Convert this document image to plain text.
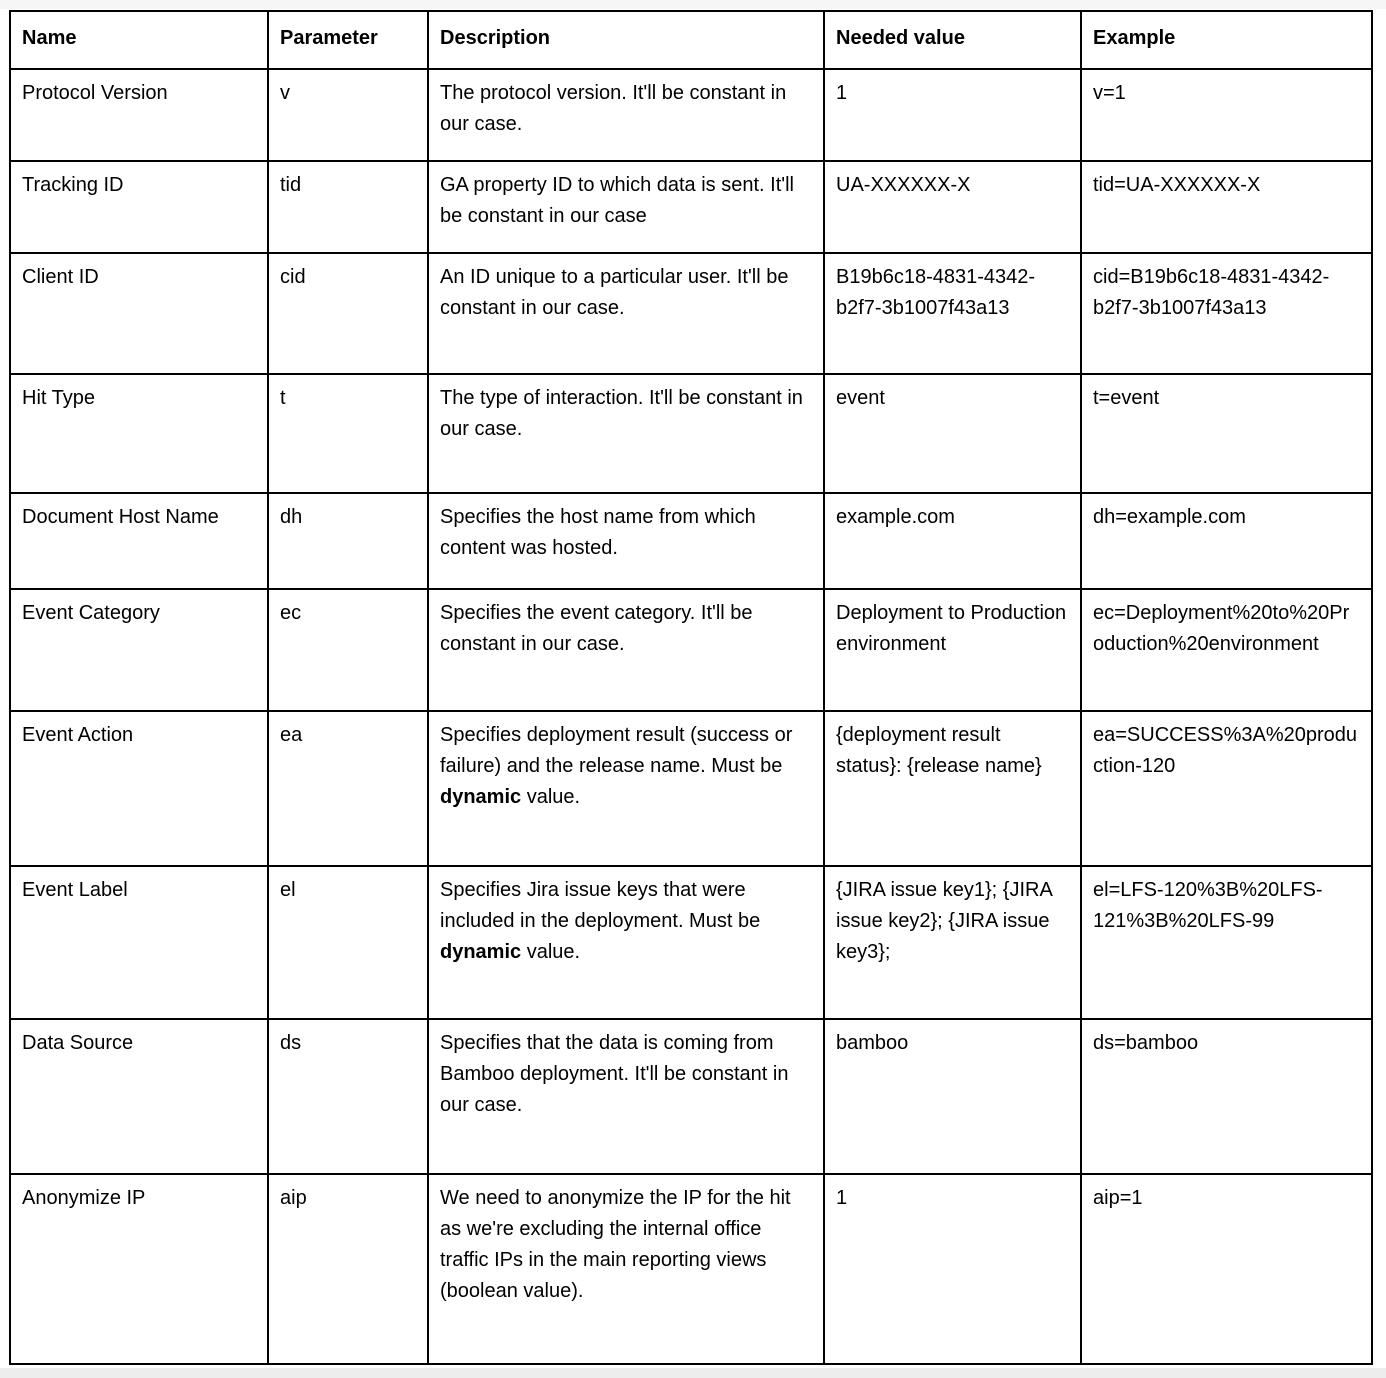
Name	Parameter	Description	Needed value	Example
Protocol Version	v	The protocol version. It'll be constant in our case.	1	v=1
Tracking ID	tid	GA property ID to which data is sent. It'll be constant in our case	UA-XXXXXX-X	tid=UA-XXXXXX-X
Client ID	cid	An ID unique to a particular user. It'll be constant in our case.	B19b6c18-4831-4342-b2f7-3b1007f43a13	cid=B19b6c18-4831-4342-b2f7-3b1007f43a13
Hit Type	t	The type of interaction. It'll be constant in our case.	event	t=event
Document Host Name	dh	Specifies the host name from which content was hosted.	example.com	dh=example.com
Event Category	ec	Specifies the event category. It'll be constant in our case.	Deployment to Production environment	ec=Deployment%20to%20Production%20environment
Event Action	ea	Specifies deployment result (success or failure) and the release name. Must be dynamic value.	{deployment result status}: {release name}	ea=SUCCESS%3A%20production-120
Event Label	el	Specifies Jira issue keys that were included in the deployment. Must be dynamic value.	{JIRA issue key1}; {JIRA issue key2}; {JIRA issue key3};	el=LFS-120%3B%20LFS-121%3B%20LFS-99
Data Source	ds	Specifies that the data is coming from Bamboo deployment. It'll be constant in our case.	bamboo	ds=bamboo
Anonymize IP	aip	We need to anonymize the IP for the hit as we're excluding the internal office traffic IPs in the main reporting views (boolean value).	1	aip=1
